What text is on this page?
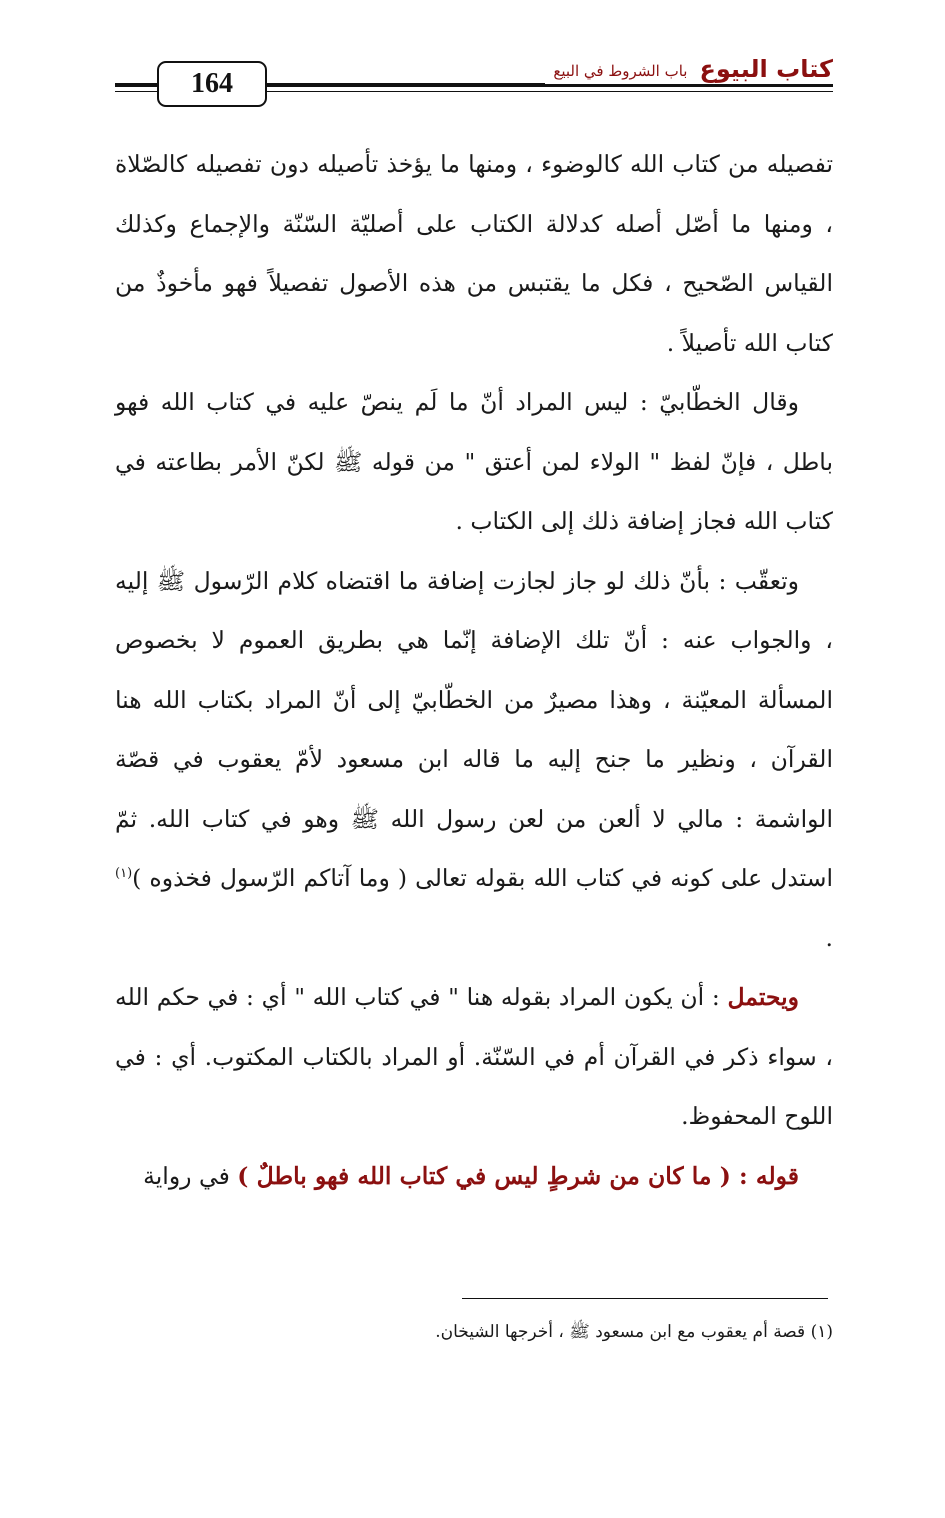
164	كتاب البيوع
باب الشروط في البيع

تفصيله من كتاب الله كالوضوء ، ومنها ما يؤخذ تأصيله دون تفصيله كالصّلاة ، ومنها ما أصّل أصله كدلالة الكتاب على أصليّة السّنّة والإجماع وكذلك القياس الصّحيح ، فكل ما يقتبس من هذه الأصول تفصيلاً فهو مأخوذٌ من كتاب الله تأصيلاً .

وقال الخطّابيّ : ليس المراد أنّ ما لَم ينصّ عليه في كتاب الله فهو باطل ، فإنّ لفظ " الولاء لمن أعتق " من قوله ﷺ لكنّ الأمر بطاعته في كتاب الله فجاز إضافة ذلك إلى الكتاب .

وتعقّب : بأنّ ذلك لو جاز لجازت إضافة ما اقتضاه كلام الرّسول ﷺ إليه ، والجواب عنه : أنّ تلك الإضافة إنّما هي بطريق العموم لا بخصوص المسألة المعيّنة ، وهذا مصيرٌ من الخطّابيّ إلى أنّ المراد بكتاب الله هنا القرآن ، ونظير ما جنح إليه ما قاله ابن مسعود لأمّ يعقوب في قصّة الواشمة : مالي لا ألعن من لعن رسول الله ﷺ وهو في كتاب الله. ثمّ استدل على كونه في كتاب الله بقوله تعالى ( وما آتاكم الرّسول فخذوه )$^{(١)}$ .

ويحتمل : أن يكون المراد بقوله هنا " في كتاب الله " أي : في حكم الله ، سواء ذكر في القرآن أم في السّنّة. أو المراد بالكتاب المكتوب. أي : في اللوح المحفوظ.

قوله : ( ما كان من شرطٍ ليس في كتاب الله فهو باطلٌ ) في رواية

(١) قصة أم يعقوب مع ابن مسعود ﷺ ، أخرجها الشيخان.
